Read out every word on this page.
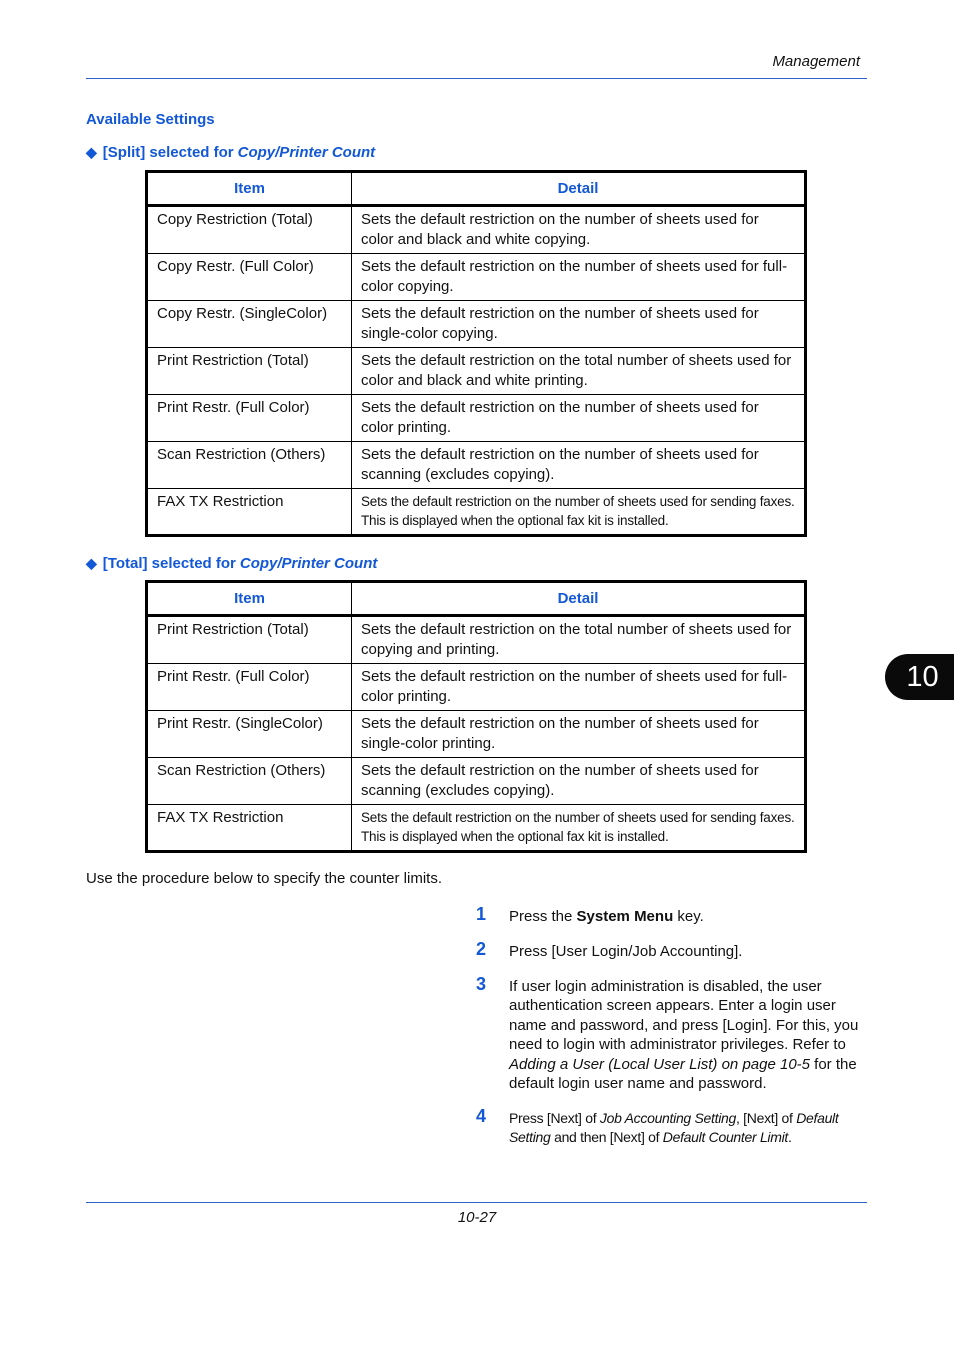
Management
Available Settings
◆ [Split] selected for Copy/Printer Count
Item	Detail
Copy Restriction (Total)	Sets the default restriction on the number of sheets used for color and black and white copying.
Copy Restr. (Full Color)	Sets the default restriction on the number of sheets used for full-color copying.
Copy Restr. (SingleColor)	Sets the default restriction on the number of sheets used for single-color copying.
Print Restriction (Total)	Sets the default restriction on the total number of sheets used for color and black and white printing.
Print Restr. (Full Color)	Sets the default restriction on the number of sheets used for color printing.
Scan Restriction (Others)	Sets the default restriction on the number of sheets used for scanning (excludes copying).
FAX TX Restriction	Sets the default restriction on the number of sheets used for sending faxes. This is displayed when the optional fax kit is installed.
◆ [Total] selected for Copy/Printer Count
Item	Detail
Print Restriction (Total)	Sets the default restriction on the total number of sheets used for copying and printing.
Print Restr. (Full Color)	Sets the default restriction on the number of sheets used for full-color printing.
Print Restr. (SingleColor)	Sets the default restriction on the number of sheets used for single-color printing.
Scan Restriction (Others)	Sets the default restriction on the number of sheets used for scanning (excludes copying).
FAX TX Restriction	Sets the default restriction on the number of sheets used for sending faxes. This is displayed when the optional fax kit is installed.
Use the procedure below to specify the counter limits.
1 Press the System Menu key.
2 Press [User Login/Job Accounting].
3 If user login administration is disabled, the user authentication screen appears. Enter a login user name and password, and press [Login]. For this, you need to login with administrator privileges. Refer to Adding a User (Local User List) on page 10-5 for the default login user name and password.
4 Press [Next] of Job Accounting Setting, [Next] of Default Setting and then [Next] of Default Counter Limit.
10
10-27
